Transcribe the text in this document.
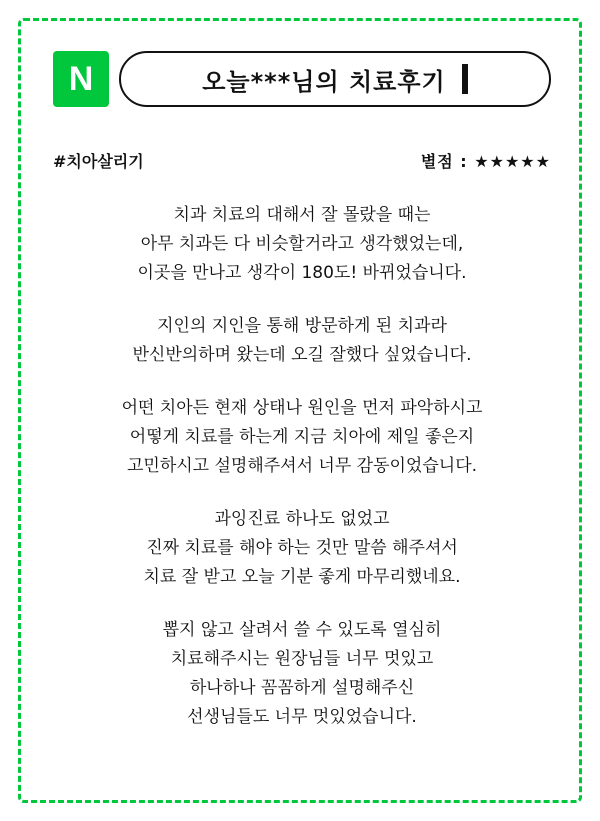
N	오늘***님의 치료후기
#치아살리기	별점 : ★★★★★

치과 치료의 대해서 잘 몰랐을 때는
아무 치과든 다 비슷할거라고 생각했었는데,
이곳을 만나고 생각이 180도! 바뀌었습니다.

지인의 지인을 통해 방문하게 된 치과라
반신반의하며 왔는데 오길 잘했다 싶었습니다.

어떤 치아든 현재 상태나 원인을 먼저 파악하시고
어떻게 치료를 하는게 지금 치아에 제일 좋은지
고민하시고 설명해주셔서 너무 감동이었습니다.

과잉진료 하나도 없었고
진짜 치료를 해야 하는 것만 말씀 해주셔서
치료 잘 받고 오늘 기분 좋게 마무리했네요.

뽑지 않고 살려서 쓸 수 있도록 열심히
치료해주시는 원장님들 너무 멋있고
하나하나 꼼꼼하게 설명해주신
선생님들도 너무 멋있었습니다.
